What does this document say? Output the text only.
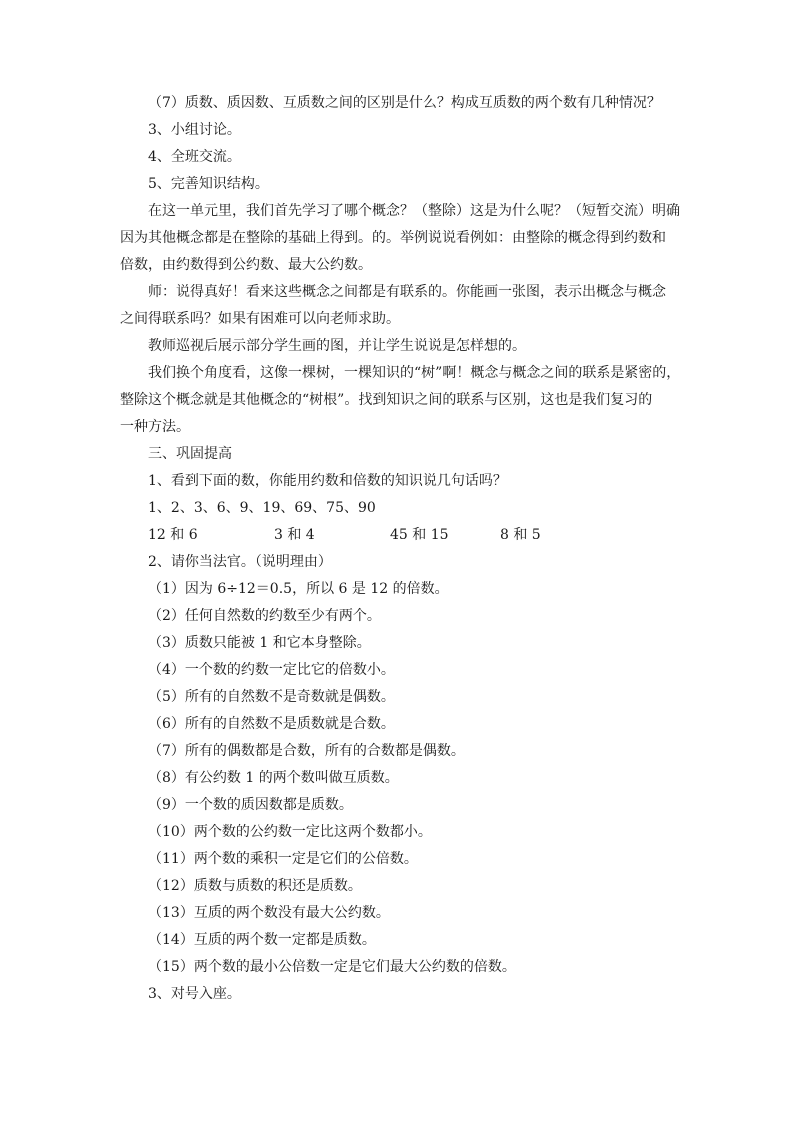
（7）质数、质因数、互质数之间的区别是什么？构成互质数的两个数有几种情况？
3、小组讨论。
4、全班交流。
5、完善知识结构。
在这一单元里，我们首先学习了哪个概念？（整除）这是为什么呢？（短暂交流）明确
因为其他概念都是在整除的基础上得到。的。举例说说看例如：由整除的概念得到约数和
倍数，由约数得到公约数、最大公约数。
师：说得真好！看来这些概念之间都是有联系的。你能画一张图，表示出概念与概念
之间得联系吗？如果有困难可以向老师求助。
教师巡视后展示部分学生画的图，并让学生说说是怎样想的。
我们换个角度看，这像一棵树，一棵知识的“树”啊！概念与概念之间的联系是紧密的，
整除这个概念就是其他概念的“树根”。找到知识之间的联系与区别，这也是我们复习的
一种方法。
三、巩固提高
1、看到下面的数，你能用约数和倍数的知识说几句话吗？
1、2、3、6、9、19、69、75、90
12 和 6	3 和 4	45 和 15	8 和 5
2、请你当法官。（说明理由）
（1）因为 6÷12＝0.5，所以 6 是 12 的倍数。
（2）任何自然数的约数至少有两个。
（3）质数只能被 1 和它本身整除。
（4）一个数的约数一定比它的倍数小。
（5）所有的自然数不是奇数就是偶数。
（6）所有的自然数不是质数就是合数。
（7）所有的偶数都是合数，所有的合数都是偶数。
（8）有公约数 1 的两个数叫做互质数。
（9）一个数的质因数都是质数。
（10）两个数的公约数一定比这两个数都小。
（11）两个数的乘积一定是它们的公倍数。
（12）质数与质数的积还是质数。
（13）互质的两个数没有最大公约数。
（14）互质的两个数一定都是质数。
（15）两个数的最小公倍数一定是它们最大公约数的倍数。
3、对号入座。
